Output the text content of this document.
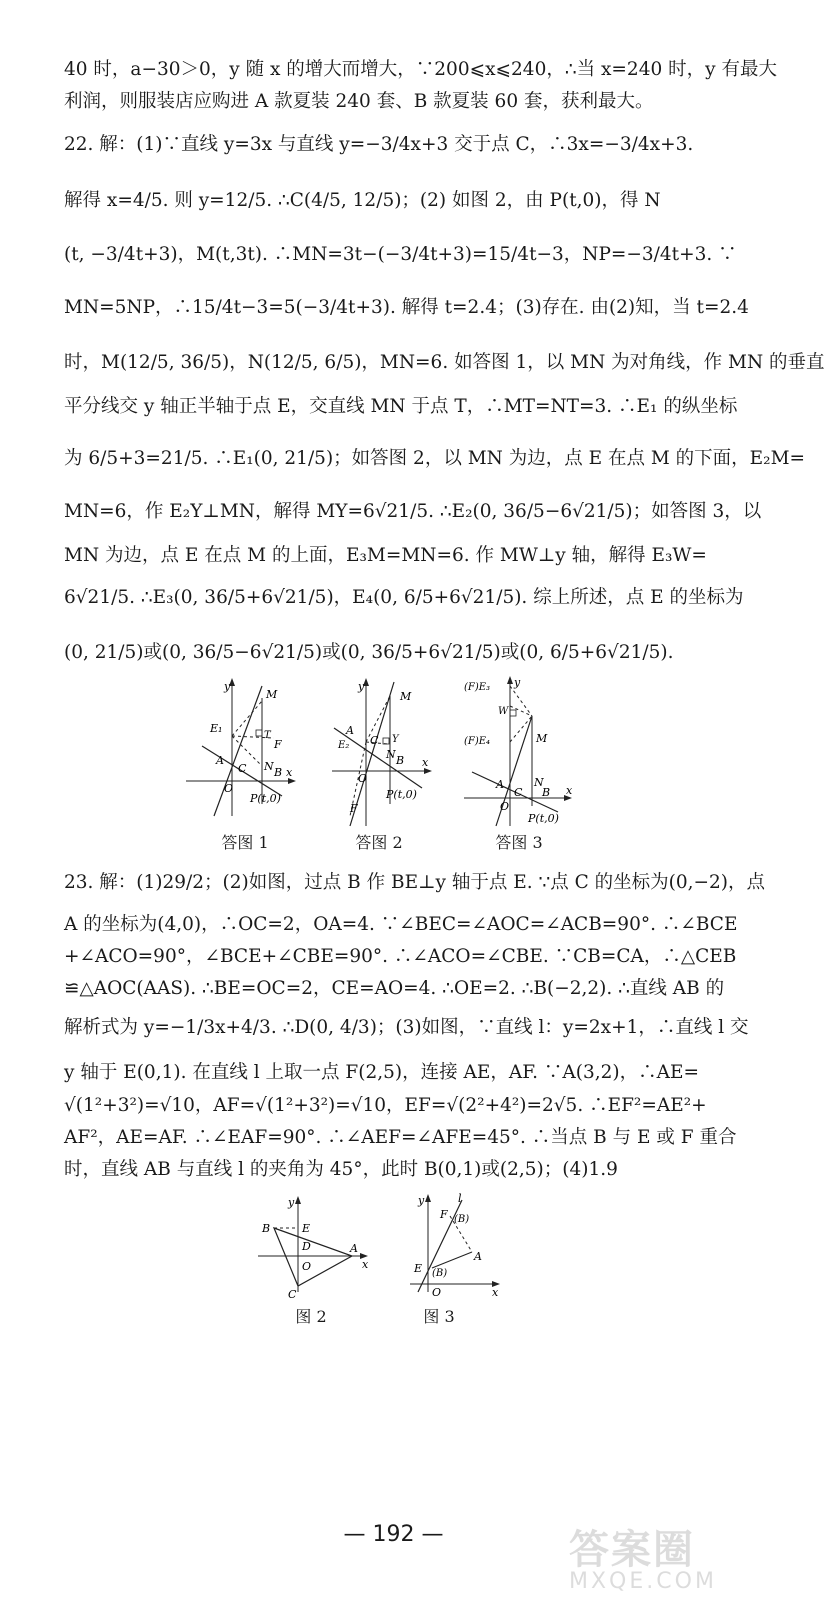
40 时，a−30＞0，y 随 x 的增大而增大，∵200⩽x⩽240，∴当 x=240 时，y 有最大
利润，则服装店应购进 A 款夏装 240 套、B 款夏装 60 套，获利最大。
22. 解：(1)∵直线 y=3x 与直线 y=−3/4x+3 交于点 C，∴3x=−3/4x+3.
解得 x=4/5. 则 y=12/5. ∴C(4/5, 12/5)；(2) 如图 2，由 P(t,0)，得 N
(t, −3/4t+3)，M(t,3t). ∴MN=3t−(−3/4t+3)=15/4t−3，NP=−3/4t+3. ∵
MN=5NP，∴15/4t−3=5(−3/4t+3). 解得 t=2.4；(3)存在. 由(2)知，当 t=2.4
时，M(12/5, 36/5)，N(12/5, 6/5)，MN=6. 如答图 1，以 MN 为对角线，作 MN 的垂直
平分线交 y 轴正半轴于点 E，交直线 MN 于点 T，∴MT=NT=3. ∴E₁ 的纵坐标
为 6/5+3=21/5. ∴E₁(0, 21/5)；如答图 2，以 MN 为边，点 E 在点 M 的下面，E₂M=
MN=6，作 E₂Y⊥MN，解得 MY=6√21/5. ∴E₂(0, 36/5−6√21/5)；如答图 3，以
MN 为边，点 E 在点 M 的上面，E₃M=MN=6. 作 MW⊥y 轴，解得 E₃W=
6√21/5. ∴E₃(0, 36/5+6√21/5)，E₄(0, 6/5+6√21/5). 综上所述，点 E 的坐标为
(0, 21/5)或(0, 36/5−6√21/5)或(0, 36/5+6√21/5)或(0, 6/5+6√21/5).
y
M
E₁
T
F
A
C N B
O
x
P(t,0)
答图 1
y
M
A
E₂ C Y
N B
O
x
P(t,0)
F
答图 2
(F)E₃ y
W
(F)E₄	M
A
C
N
B
O
x
P(t,0)
答图 3
23. 解：(1)29/2；(2)如图，过点 B 作 BE⊥y 轴于点 E. ∵点 C 的坐标为(0,−2)，点
A 的坐标为(4,0)，∴OC=2，OA=4. ∵∠BEC=∠AOC=∠ACB=90°. ∴∠BCE
+∠ACO=90°，∠BCE+∠CBE=90°. ∴∠ACO=∠CBE. ∵CB=CA，∴△CEB
≌△AOC(AAS). ∴BE=OC=2，CE=AO=4. ∴OE=2. ∴B(−2,2). ∴直线 AB 的
解析式为 y=−1/3x+4/3. ∴D(0, 4/3)；(3)如图，∵直线 l：y=2x+1，∴直线 l 交
y 轴于 E(0,1). 在直线 l 上取一点 F(2,5)，连接 AE，AF. ∵A(3,2)，∴AE=
√(1²+3²)=√10，AF=√(1²+3²)=√10，EF=√(2²+4²)=2√5. ∴EF²=AE²+
AF²，AE=AF. ∴∠EAF=90°. ∴∠AEF=∠AFE=45°. ∴当点 B 与 E 或 F 重合
时，直线 AB 与直线 l 的夹角为 45°，此时 B(0,1)或(2,5)；(4)1.9
y
B	E
D	A
O	x
C
图 2
y	l
F (B)
A
E (B)
O	x
图 3
— 192 —	答案圈
MXQE.COM
